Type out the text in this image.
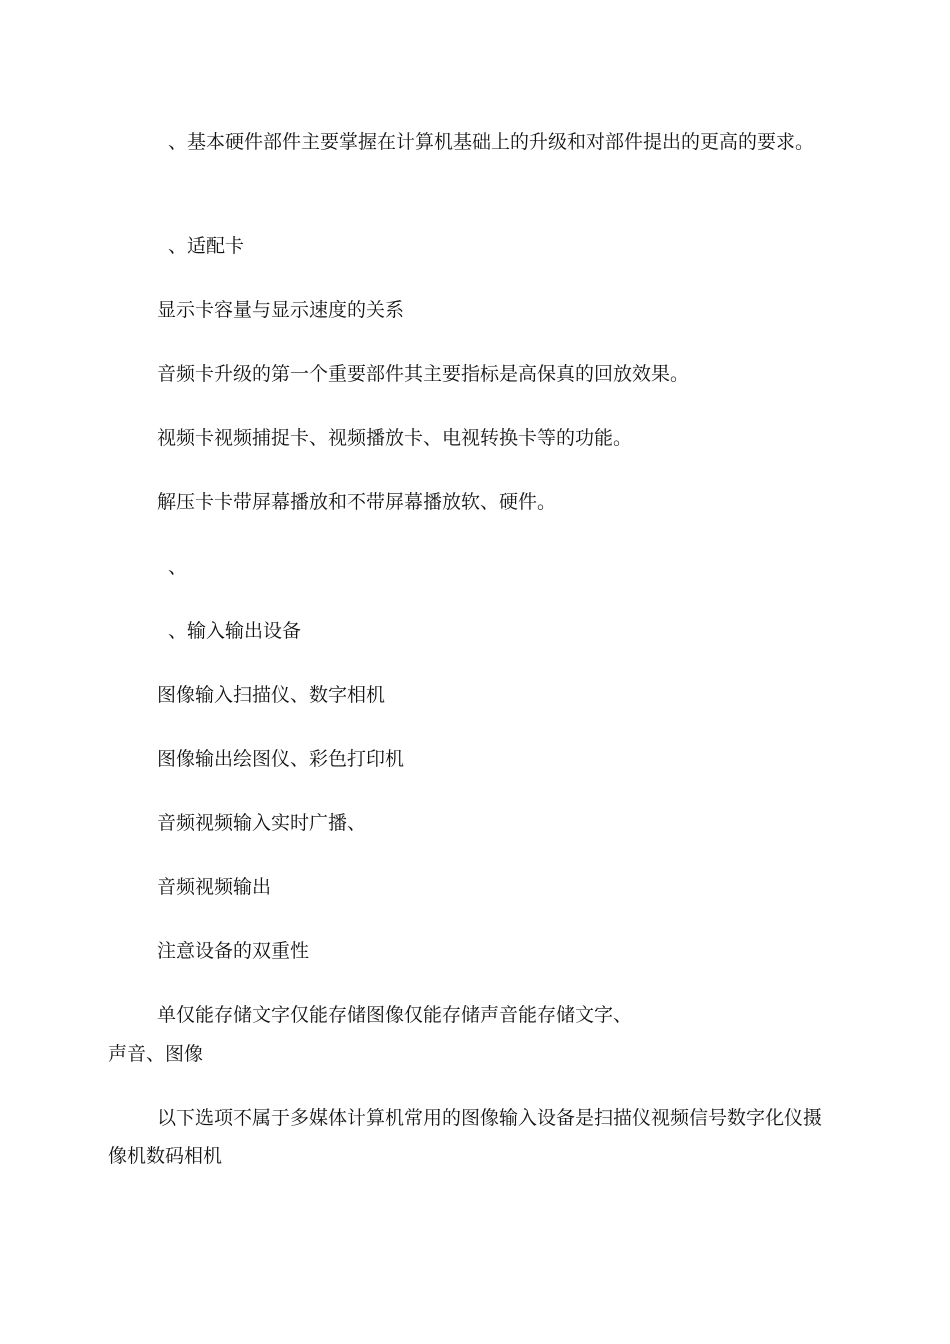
、基本硬件部件主要掌握在计算机基础上的升级和对部件提出的更高的要求。

、适配卡

显示卡容量与显示速度的关系

音频卡升级的第一个重要部件其主要指标是高保真的回放效果。

视频卡视频捕捉卡、视频播放卡、电视转换卡等的功能。

解压卡卡带屏幕播放和不带屏幕播放软、硬件。

、

、输入输出设备

图像输入扫描仪、数字相机

图像输出绘图仪、彩色打印机

音频视频输入实时广播、

音频视频输出

注意设备的双重性

单仅能存储文字仅能存储图像仅能存储声音能存储文字、

声音、图像

以下选项不属于多媒体计算机常用的图像输入设备是扫描仪视频信号数字化仪摄像机数码相机
